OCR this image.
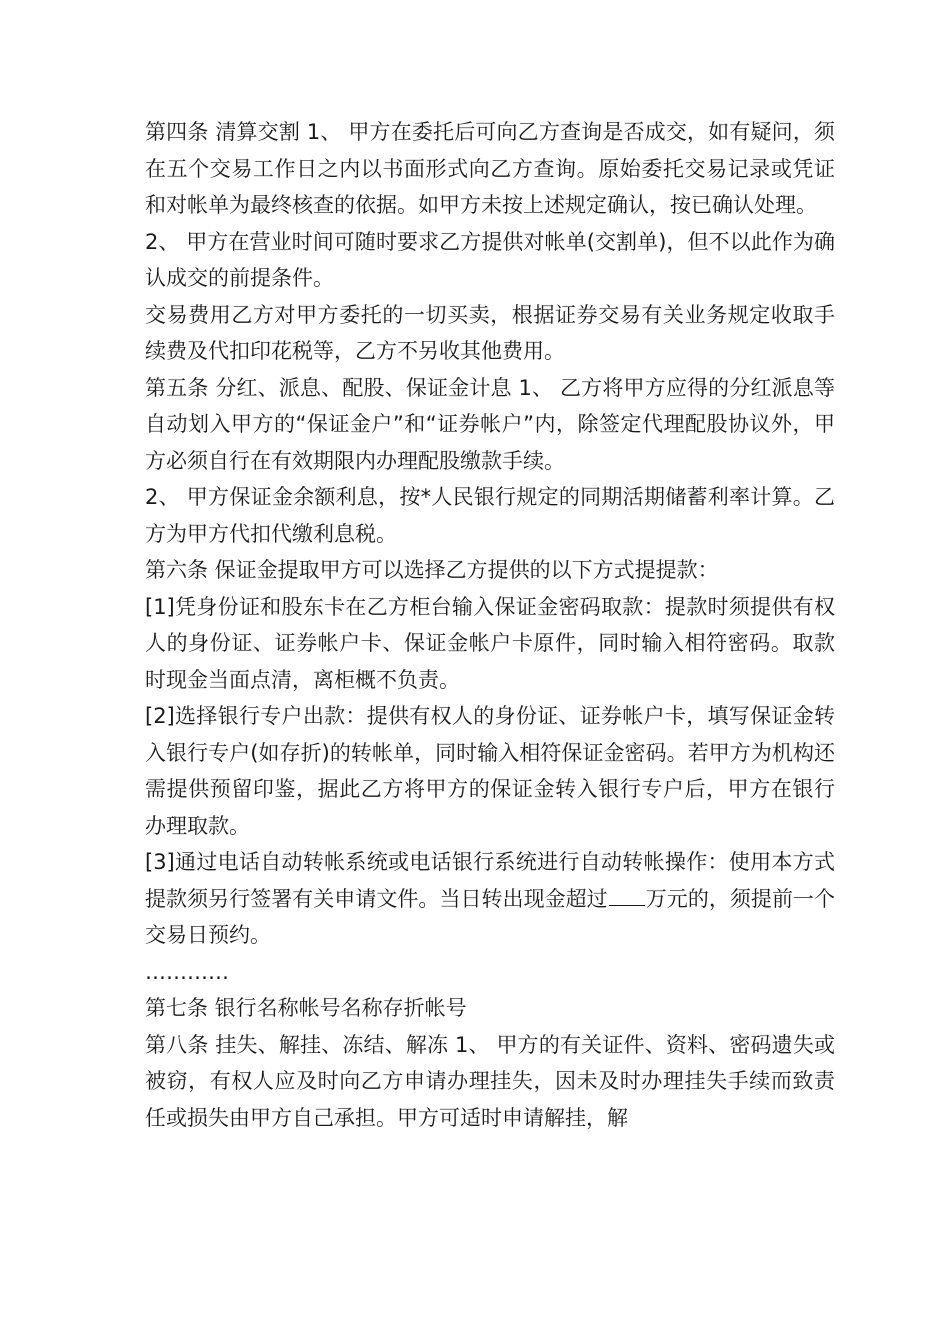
第四条 清算交割 1、 甲方在委托后可向乙方查询是否成交，如有疑问，须在五个交易工作日之内以书面形式向乙方查询。原始委托交易记录或凭证和对帐单为最终核查的依据。如甲方未按上述规定确认，按已确认处理。

2、 甲方在营业时间可随时要求乙方提供对帐单(交割单)，但不以此作为确认成交的前提条件。

交易费用乙方对甲方委托的一切买卖，根据证券交易有关业务规定收取手续费及代扣印花税等，乙方不另收其他费用。

第五条 分红、派息、配股、保证金计息 1、 乙方将甲方应得的分红派息等自动划入甲方的“保证金户”和“证券帐户”内，除签定代理配股协议外，甲方必须自行在有效期限内办理配股缴款手续。

2、 甲方保证金余额利息，按*人民银行规定的同期活期储蓄利率计算。乙方为甲方代扣代缴利息税。

第六条 保证金提取甲方可以选择乙方提供的以下方式提提款：

[1]凭身份证和股东卡在乙方柜台输入保证金密码取款：提款时须提供有权人的身份证、证券帐户卡、保证金帐户卡原件，同时输入相符密码。取款时现金当面点清，离柜概不负责。

[2]选择银行专户出款：提供有权人的身份证、证券帐户卡，填写保证金转入银行专户(如存折)的转帐单，同时输入相符保证金密码。若甲方为机构还需提供预留印鉴，据此乙方将甲方的保证金转入银行专户后，甲方在银行办理取款。

[3]通过电话自动转帐系统或电话银行系统进行自动转帐操作：使用本方式提款须另行签署有关申请文件。当日转出现金超过 万元的，须提前一个交易日预约。

…………

第七条 银行名称帐号名称存折帐号

第八条 挂失、解挂、冻结、解冻 1、 甲方的有关证件、资料、密码遗失或被窃，有权人应及时向乙方申请办理挂失，因未及时办理挂失手续而致责任或损失由甲方自己承担。甲方可适时申请解挂，解
